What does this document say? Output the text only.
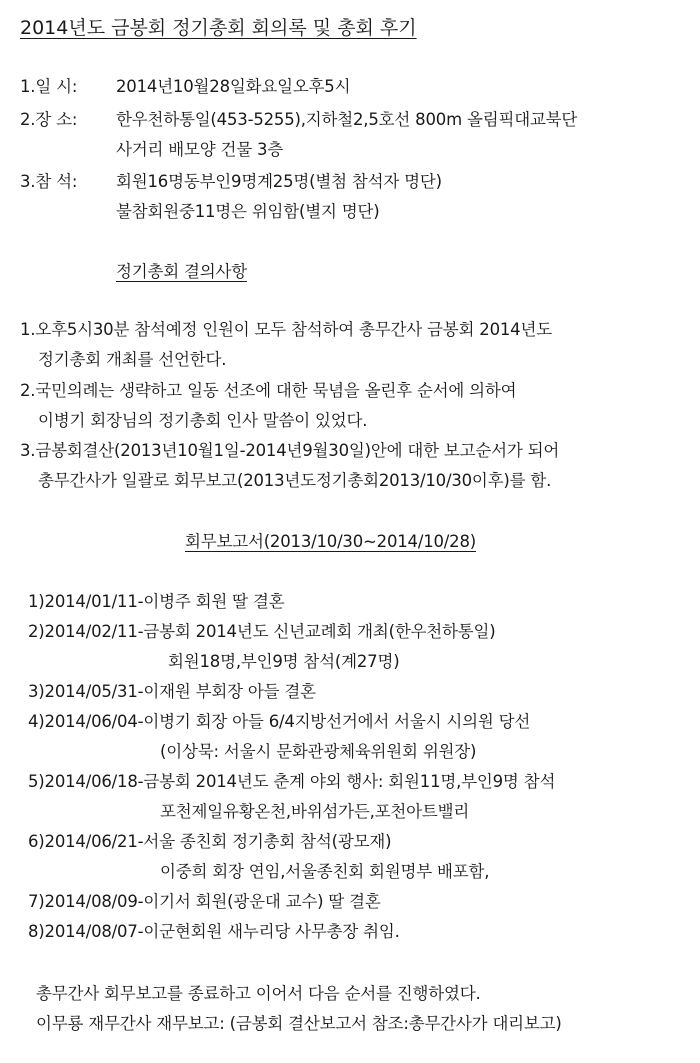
2014년도 금봉회 정기총회 회의록 및 총회 후기
1.일 시: 2014년10월28일화요일오후5시
2.장 소: 한우천하통일(453-5255),지하철2,5호선 800m 올림픽대교북단
사거리 배모양 건물 3층
3.참 석: 회원16명동부인9명계25명(별첨 참석자 명단)
불참회원중11명은 위임함(별지 명단)
정기총회 결의사항
1.오후5시30분 참석예정 인원이 모두 참석하여 총무간사 금봉회 2014년도
정기총회 개최를 선언한다.
2.국민의례는 생략하고 일동 선조에 대한 묵념을 올린후 순서에 의하여
이병기 회장님의 정기총회 인사 말씀이 있었다.
3.금봉회결산(2013년10월1일-2014년9월30일)안에 대한 보고순서가 되어
총무간사가 일괄로 회무보고(2013년도정기총회2013/10/30이후)를 함.
회무보고서(2013/10/30~2014/10/28)
1)2014/01/11-이병주 회원 딸 결혼
2)2014/02/11-금봉회 2014년도 신년교례회 개최(한우천하통일)
회원18명,부인9명 참석(계27명)
3)2014/05/31-이재원 부회장 아들 결혼
4)2014/06/04-이병기 회장 아들 6/4지방선거에서 서울시 시의원 당선
(이상묵: 서울시 문화관광체육위원회 위원장)
5)2014/06/18-금봉회 2014년도 춘계 야외 행사: 회원11명,부인9명 참석
포천제일유황온천,바위섬가든,포천아트밸리
6)2014/06/21-서울 종친회 정기총회 참석(광모재)
이중희 회장 연임,서울종친회 회원명부 배포함,
7)2014/08/09-이기서 회원(광운대 교수) 딸 결혼
8)2014/08/07-이군현회원 새누리당 사무총장 취임.
총무간사 회무보고를 종료하고 이어서 다음 순서를 진행하였다.
이무룡 재무간사 재무보고: (금봉회 결산보고서 참조:총무간사가 대리보고)
